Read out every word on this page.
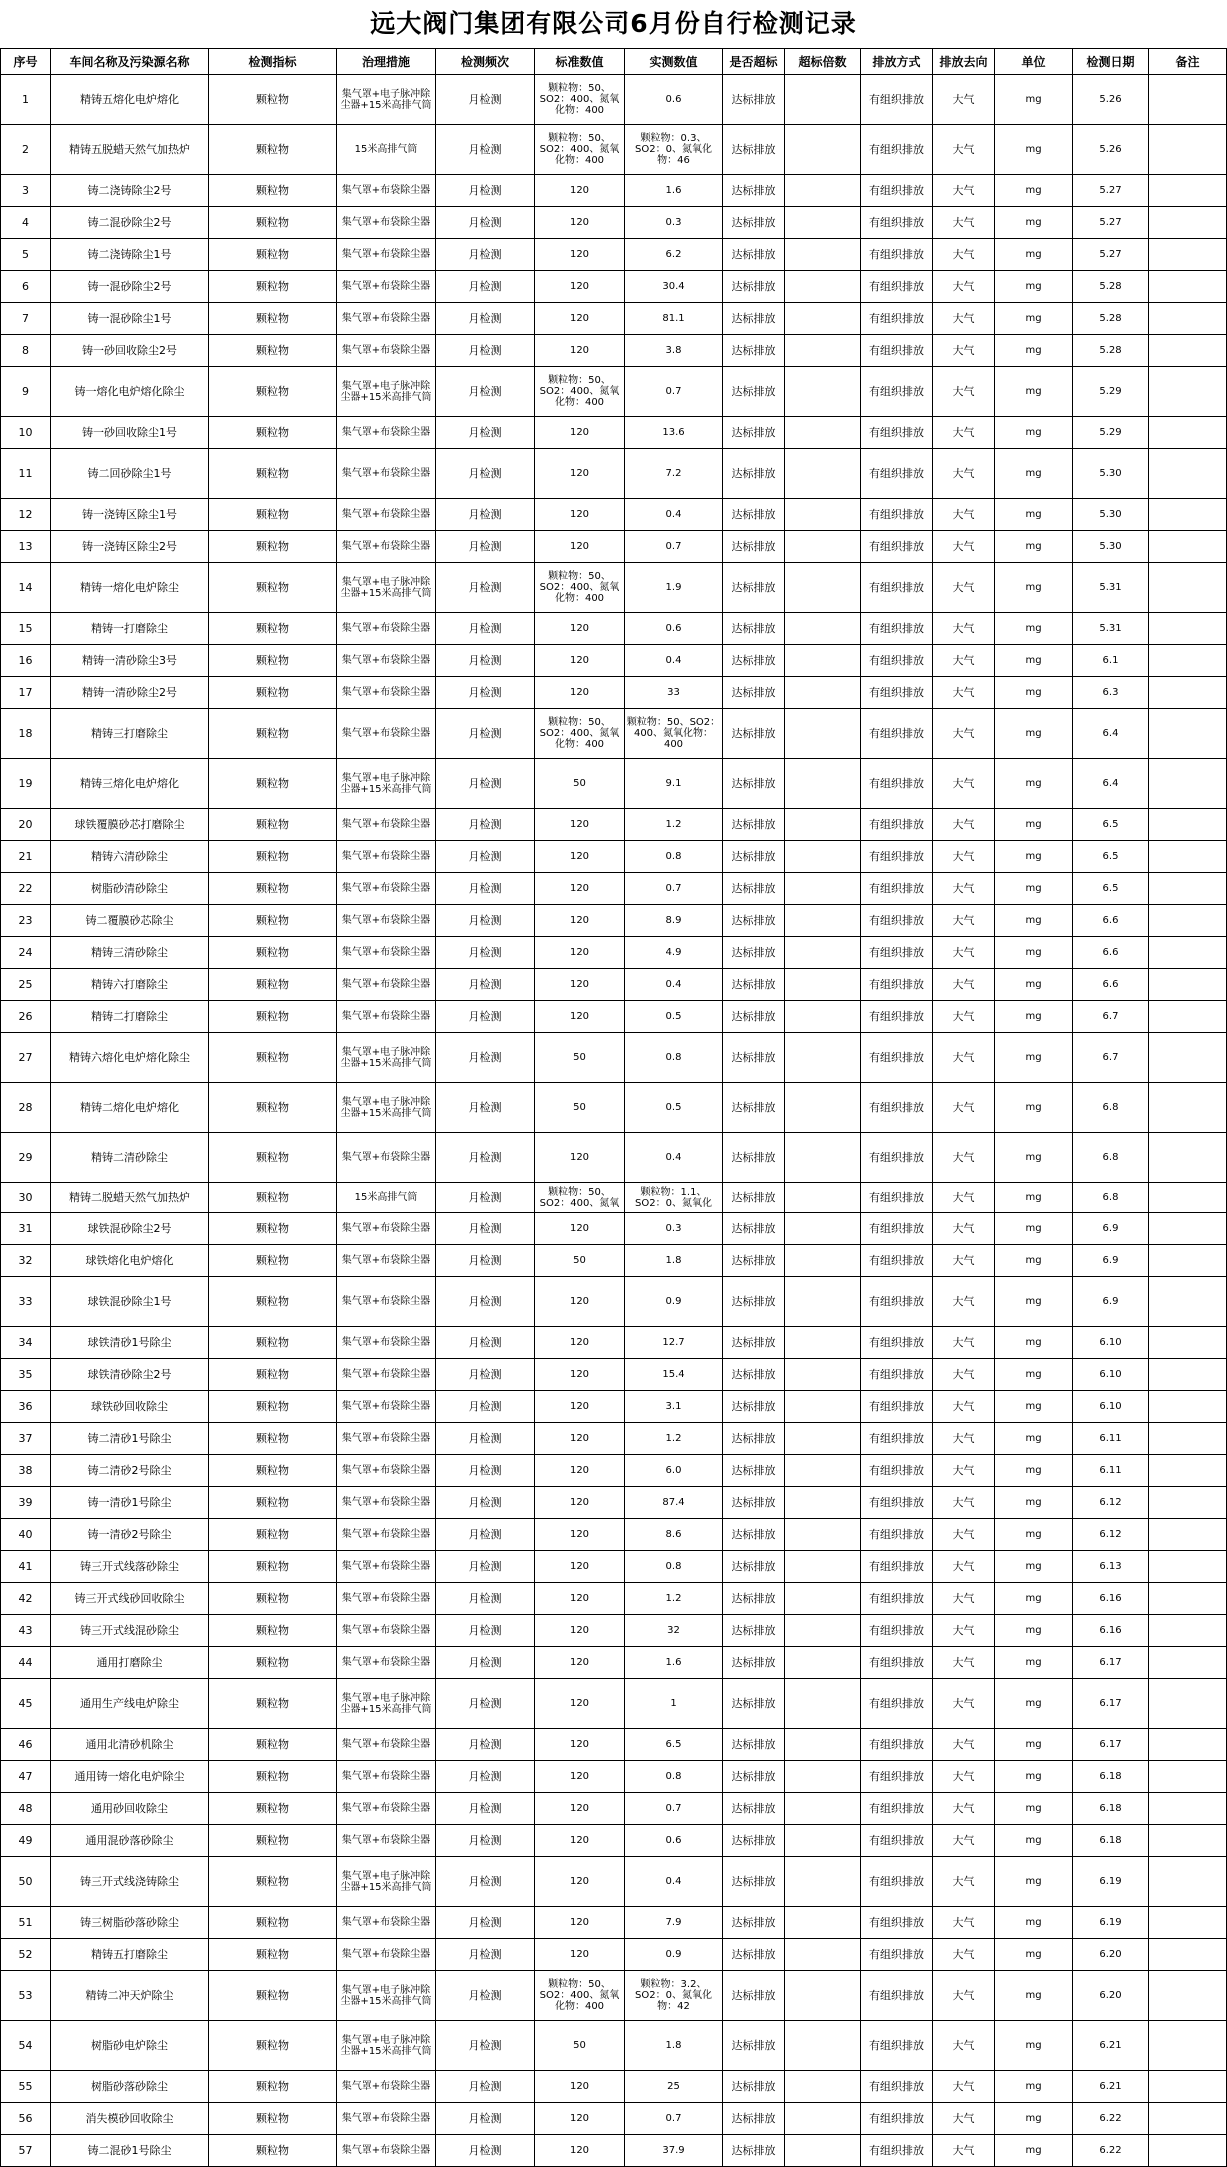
远大阀门集团有限公司6月份自行检测记录
序号	车间名称及污染源名称	检测指标	治理措施	检测频次	标准数值	实测数值	是否超标	超标倍数	排放方式	排放去向	单位	检测日期	备注
1	精铸五熔化电炉熔化	颗粒物	集气罩+电子脉冲除尘器+15米高排气筒	月检测	颗粒物：50、SO2：400、氮氧化物：400	0.6	达标排放		有组织排放	大气	mg	5.26	
2	精铸五脱蜡天然气加热炉	颗粒物	15米高排气筒	月检测	颗粒物：50、SO2：400、氮氧化物：400	颗粒物：0.3、SO2：0、氮氧化物：46	达标排放		有组织排放	大气	mg	5.26	
3	铸二浇铸除尘2号	颗粒物	集气罩+布袋除尘器	月检测	120	1.6	达标排放		有组织排放	大气	mg	5.27	
4	铸二混砂除尘2号	颗粒物	集气罩+布袋除尘器	月检测	120	0.3	达标排放		有组织排放	大气	mg	5.27	
5	铸二浇铸除尘1号	颗粒物	集气罩+布袋除尘器	月检测	120	6.2	达标排放		有组织排放	大气	mg	5.27	
6	铸一混砂除尘2号	颗粒物	集气罩+布袋除尘器	月检测	120	30.4	达标排放		有组织排放	大气	mg	5.28	
7	铸一混砂除尘1号	颗粒物	集气罩+布袋除尘器	月检测	120	81.1	达标排放		有组织排放	大气	mg	5.28	
8	铸一砂回收除尘2号	颗粒物	集气罩+布袋除尘器	月检测	120	3.8	达标排放		有组织排放	大气	mg	5.28	
9	铸一熔化电炉熔化除尘	颗粒物	集气罩+电子脉冲除尘器+15米高排气筒	月检测	颗粒物：50、SO2：400、氮氧化物：400	0.7	达标排放		有组织排放	大气	mg	5.29	
10	铸一砂回收除尘1号	颗粒物	集气罩+布袋除尘器	月检测	120	13.6	达标排放		有组织排放	大气	mg	5.29	
11	铸二回砂除尘1号	颗粒物	集气罩+布袋除尘器	月检测	120	7.2	达标排放		有组织排放	大气	mg	5.30	
12	铸一浇铸区除尘1号	颗粒物	集气罩+布袋除尘器	月检测	120	0.4	达标排放		有组织排放	大气	mg	5.30	
13	铸一浇铸区除尘2号	颗粒物	集气罩+布袋除尘器	月检测	120	0.7	达标排放		有组织排放	大气	mg	5.30	
14	精铸一熔化电炉除尘	颗粒物	集气罩+电子脉冲除尘器+15米高排气筒	月检测	颗粒物：50、SO2：400、氮氧化物：400	1.9	达标排放		有组织排放	大气	mg	5.31	
15	精铸一打磨除尘	颗粒物	集气罩+布袋除尘器	月检测	120	0.6	达标排放		有组织排放	大气	mg	5.31	
16	精铸一清砂除尘3号	颗粒物	集气罩+布袋除尘器	月检测	120	0.4	达标排放		有组织排放	大气	mg	6.1	
17	精铸一清砂除尘2号	颗粒物	集气罩+布袋除尘器	月检测	120	33	达标排放		有组织排放	大气	mg	6.3	
18	精铸三打磨除尘	颗粒物	集气罩+布袋除尘器	月检测	颗粒物：50、SO2：400、氮氧化物：400	颗粒物：50、SO2：400、氮氧化物：400	达标排放		有组织排放	大气	mg	6.4	
19	精铸三熔化电炉熔化	颗粒物	集气罩+电子脉冲除尘器+15米高排气筒	月检测	50	9.1	达标排放		有组织排放	大气	mg	6.4	
20	球铁覆膜砂芯打磨除尘	颗粒物	集气罩+布袋除尘器	月检测	120	1.2	达标排放		有组织排放	大气	mg	6.5	
21	精铸六清砂除尘	颗粒物	集气罩+布袋除尘器	月检测	120	0.8	达标排放		有组织排放	大气	mg	6.5	
22	树脂砂清砂除尘	颗粒物	集气罩+布袋除尘器	月检测	120	0.7	达标排放		有组织排放	大气	mg	6.5	
23	铸二覆膜砂芯除尘	颗粒物	集气罩+布袋除尘器	月检测	120	8.9	达标排放		有组织排放	大气	mg	6.6	
24	精铸三清砂除尘	颗粒物	集气罩+布袋除尘器	月检测	120	4.9	达标排放		有组织排放	大气	mg	6.6	
25	精铸六打磨除尘	颗粒物	集气罩+布袋除尘器	月检测	120	0.4	达标排放		有组织排放	大气	mg	6.6	
26	精铸二打磨除尘	颗粒物	集气罩+布袋除尘器	月检测	120	0.5	达标排放		有组织排放	大气	mg	6.7	
27	精铸六熔化电炉熔化除尘	颗粒物	集气罩+电子脉冲除尘器+15米高排气筒	月检测	50	0.8	达标排放		有组织排放	大气	mg	6.7	
28	精铸二熔化电炉熔化	颗粒物	集气罩+电子脉冲除尘器+15米高排气筒	月检测	50	0.5	达标排放		有组织排放	大气	mg	6.8	
29	精铸二清砂除尘	颗粒物	集气罩+布袋除尘器	月检测	120	0.4	达标排放		有组织排放	大气	mg	6.8	
30	精铸二脱蜡天然气加热炉	颗粒物	15米高排气筒	月检测	颗粒物：50、SO2：400、氮氧	颗粒物：1.1、SO2：0、氮氧化	达标排放		有组织排放	大气	mg	6.8	
31	球铁混砂除尘2号	颗粒物	集气罩+布袋除尘器	月检测	120	0.3	达标排放		有组织排放	大气	mg	6.9	
32	球铁熔化电炉熔化	颗粒物	集气罩+布袋除尘器	月检测	50	1.8	达标排放		有组织排放	大气	mg	6.9	
33	球铁混砂除尘1号	颗粒物	集气罩+布袋除尘器	月检测	120	0.9	达标排放		有组织排放	大气	mg	6.9	
34	球铁清砂1号除尘	颗粒物	集气罩+布袋除尘器	月检测	120	12.7	达标排放		有组织排放	大气	mg	6.10	
35	球铁清砂除尘2号	颗粒物	集气罩+布袋除尘器	月检测	120	15.4	达标排放		有组织排放	大气	mg	6.10	
36	球铁砂回收除尘	颗粒物	集气罩+布袋除尘器	月检测	120	3.1	达标排放		有组织排放	大气	mg	6.10	
37	铸二清砂1号除尘	颗粒物	集气罩+布袋除尘器	月检测	120	1.2	达标排放		有组织排放	大气	mg	6.11	
38	铸二清砂2号除尘	颗粒物	集气罩+布袋除尘器	月检测	120	6.0	达标排放		有组织排放	大气	mg	6.11	
39	铸一清砂1号除尘	颗粒物	集气罩+布袋除尘器	月检测	120	87.4	达标排放		有组织排放	大气	mg	6.12	
40	铸一清砂2号除尘	颗粒物	集气罩+布袋除尘器	月检测	120	8.6	达标排放		有组织排放	大气	mg	6.12	
41	铸三开式线落砂除尘	颗粒物	集气罩+布袋除尘器	月检测	120	0.8	达标排放		有组织排放	大气	mg	6.13	
42	铸三开式线砂回收除尘	颗粒物	集气罩+布袋除尘器	月检测	120	1.2	达标排放		有组织排放	大气	mg	6.16	
43	铸三开式线混砂除尘	颗粒物	集气罩+布袋除尘器	月检测	120	32	达标排放		有组织排放	大气	mg	6.16	
44	通用打磨除尘	颗粒物	集气罩+布袋除尘器	月检测	120	1.6	达标排放		有组织排放	大气	mg	6.17	
45	通用生产线电炉除尘	颗粒物	集气罩+电子脉冲除尘器+15米高排气筒	月检测	120	1	达标排放		有组织排放	大气	mg	6.17	
46	通用北清砂机除尘	颗粒物	集气罩+布袋除尘器	月检测	120	6.5	达标排放		有组织排放	大气	mg	6.17	
47	通用铸一熔化电炉除尘	颗粒物	集气罩+布袋除尘器	月检测	120	0.8	达标排放		有组织排放	大气	mg	6.18	
48	通用砂回收除尘	颗粒物	集气罩+布袋除尘器	月检测	120	0.7	达标排放		有组织排放	大气	mg	6.18	
49	通用混砂落砂除尘	颗粒物	集气罩+布袋除尘器	月检测	120	0.6	达标排放		有组织排放	大气	mg	6.18	
50	铸三开式线浇铸除尘	颗粒物	集气罩+电子脉冲除尘器+15米高排气筒	月检测	120	0.4	达标排放		有组织排放	大气	mg	6.19	
51	铸三树脂砂落砂除尘	颗粒物	集气罩+布袋除尘器	月检测	120	7.9	达标排放		有组织排放	大气	mg	6.19	
52	精铸五打磨除尘	颗粒物	集气罩+布袋除尘器	月检测	120	0.9	达标排放		有组织排放	大气	mg	6.20	
53	精铸二冲天炉除尘	颗粒物	集气罩+电子脉冲除尘器+15米高排气筒	月检测	颗粒物：50、SO2：400、氮氧化物：400	颗粒物：3.2、SO2：0、氮氧化物：42	达标排放		有组织排放	大气	mg	6.20	
54	树脂砂电炉除尘	颗粒物	集气罩+电子脉冲除尘器+15米高排气筒	月检测	50	1.8	达标排放		有组织排放	大气	mg	6.21	
55	树脂砂落砂除尘	颗粒物	集气罩+布袋除尘器	月检测	120	25	达标排放		有组织排放	大气	mg	6.21	
56	消失模砂回收除尘	颗粒物	集气罩+布袋除尘器	月检测	120	0.7	达标排放		有组织排放	大气	mg	6.22	
57	铸二混砂1号除尘	颗粒物	集气罩+布袋除尘器	月检测	120	37.9	达标排放		有组织排放	大气	mg	6.22	
